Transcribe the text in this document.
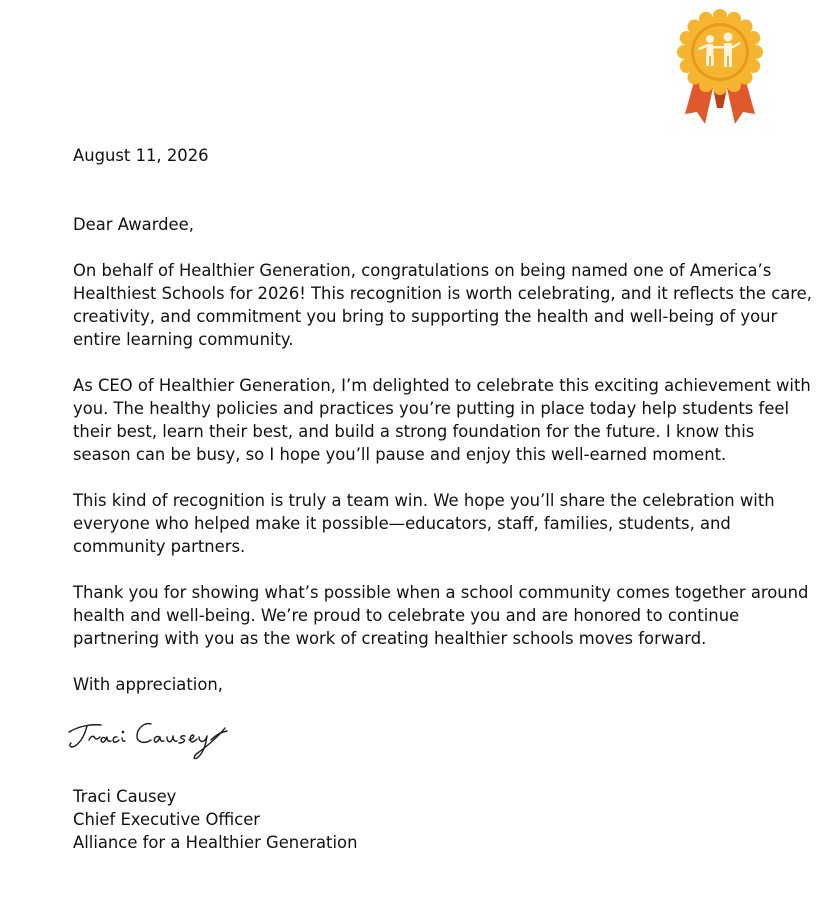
August 11, 2026

Dear Awardee,

On behalf of Healthier Generation, congratulations on being named one of America’s Healthiest Schools for 2026! This recognition is worth celebrating, and it reflects the care, creativity, and commitment you bring to supporting the health and well-being of your entire learning community.

As CEO of Healthier Generation, I’m delighted to celebrate this exciting achievement with you. The healthy policies and practices you’re putting in place today help students feel their best, learn their best, and build a strong foundation for the future. I know this season can be busy, so I hope you’ll pause and enjoy this well-earned moment.

This kind of recognition is truly a team win. We hope you’ll share the celebration with everyone who helped make it possible—educators, staff, families, students, and community partners.

Thank you for showing what’s possible when a school community comes together around health and well-being. We’re proud to celebrate you and are honored to continue partnering with you as the work of creating healthier schools moves forward.

With appreciation,

Traci Causey

Chief Executive Officer

Alliance for a Healthier Generation
